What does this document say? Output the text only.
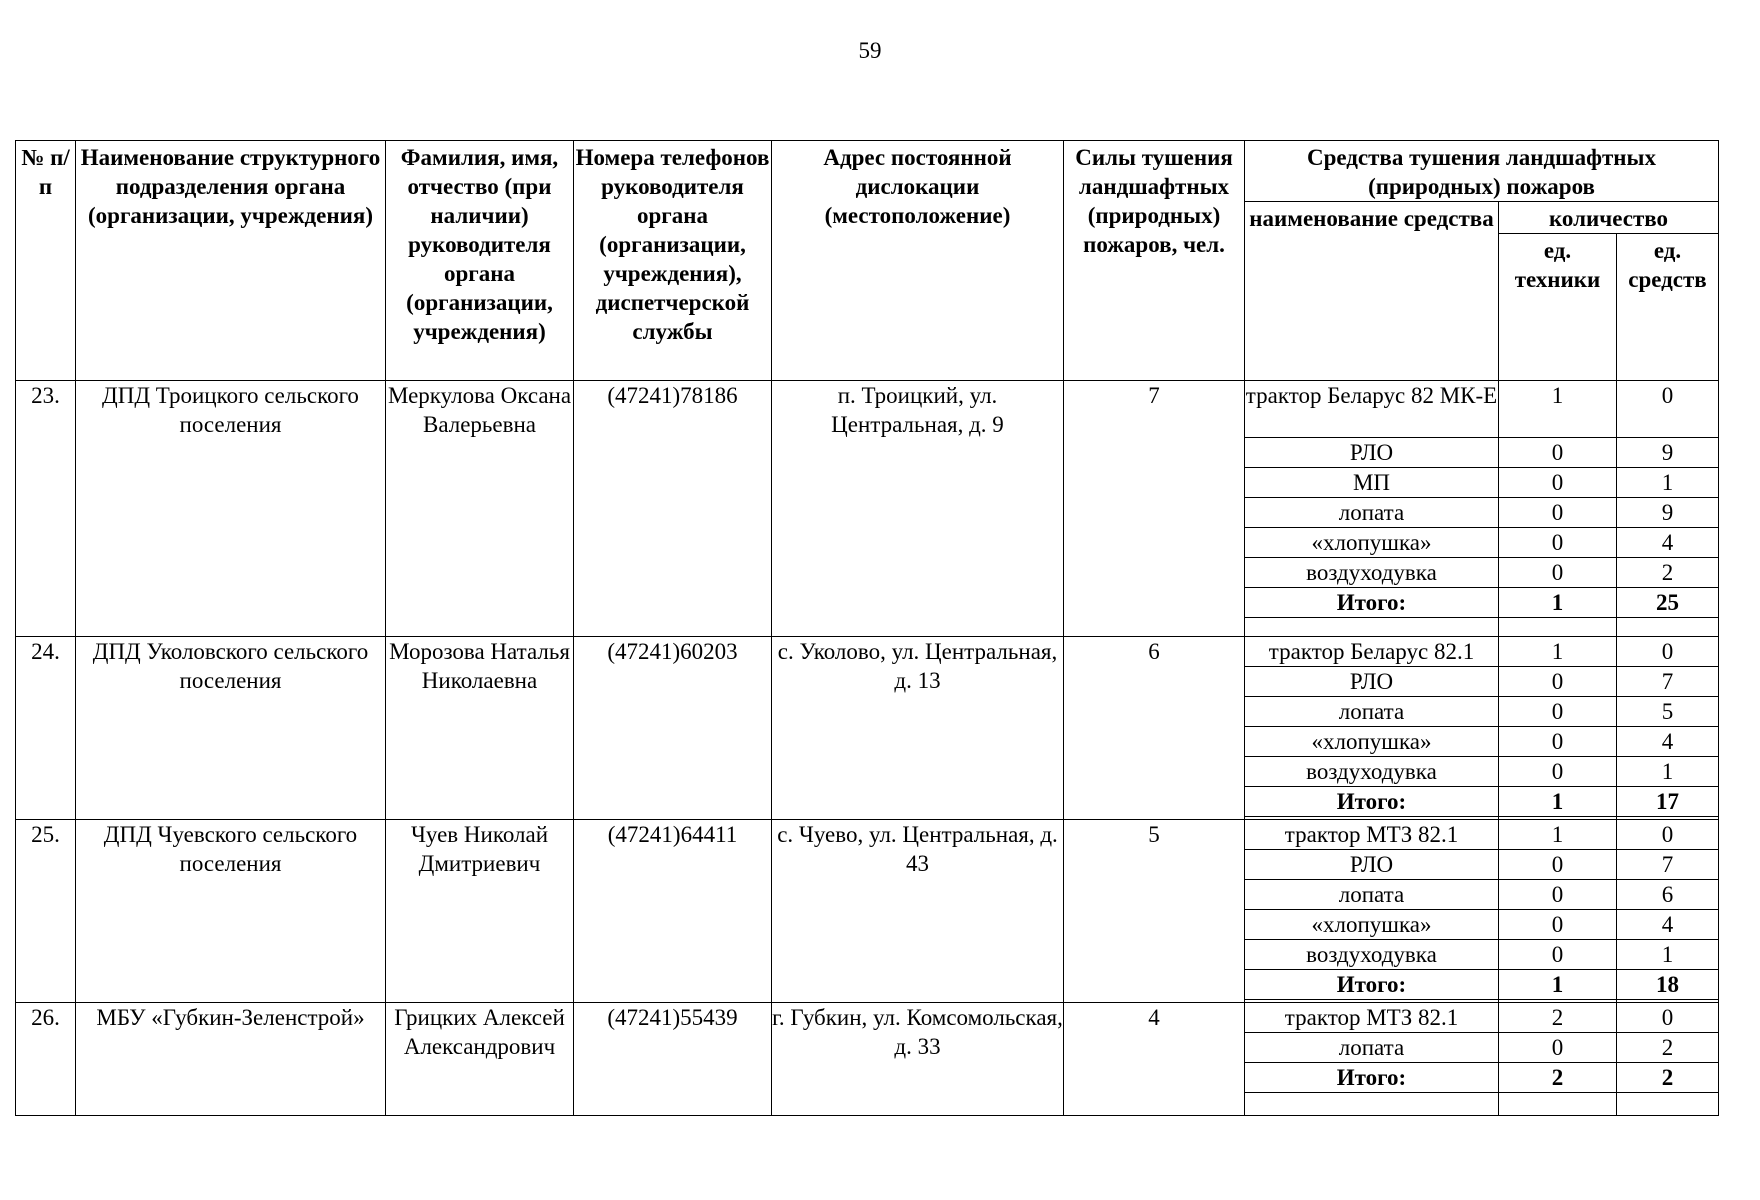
59
№ п/п	Наименование структурного подразделения органа (организации, учреждения)	Фамилия, имя, отчество (при наличии) руководителя органа (организации, учреждения)	Номера телефонов руководителя органа (организации, учреждения), диспетчерской службы	Адрес постоянной дислокации (местоположение)	Силы тушения ландшафтных (природных) пожаров, чел.	Средства тушения ландшафтных (природных) пожаров		
						наименование средства	количество	
							ед. техники	ед. средств
23.	ДПД Троицкого сельского поселения	Меркулова Оксана Валерьевна	(47241)78186	п. Троицкий, ул. Центральная, д. 9	7	трактор Беларус 82 МК-Е	1	0
						РЛО	0	9
						МП	0	1
						лопата	0	9
						«хлопушка»	0	4
						воздуходувка	0	2
						Итого:	1	25

24.	ДПД Уколовского сельского поселения	Морозова Наталья Николаевна	(47241)60203	с. Уколово, ул. Центральная, д. 13	6	трактор Беларус 82.1	1	0
						РЛО	0	7
						лопата	0	5
						«хлопушка»	0	4
						воздуходувка	0	1
						Итого:	1	17

25.	ДПД Чуевского сельского поселения	Чуев Николай Дмитриевич	(47241)64411	с. Чуево, ул. Центральная, д. 43	5	трактор МТЗ 82.1	1	0
						РЛО	0	7
						лопата	0	6
						«хлопушка»	0	4
						воздуходувка	0	1
						Итого:	1	18

26.	МБУ «Губкин-Зеленстрой»	Грицких Алексей Александрович	(47241)55439	г. Губкин, ул. Комсомольская, д. 33	4	трактор МТЗ 82.1	2	0
						лопата	0	2
						Итого:	2	2
